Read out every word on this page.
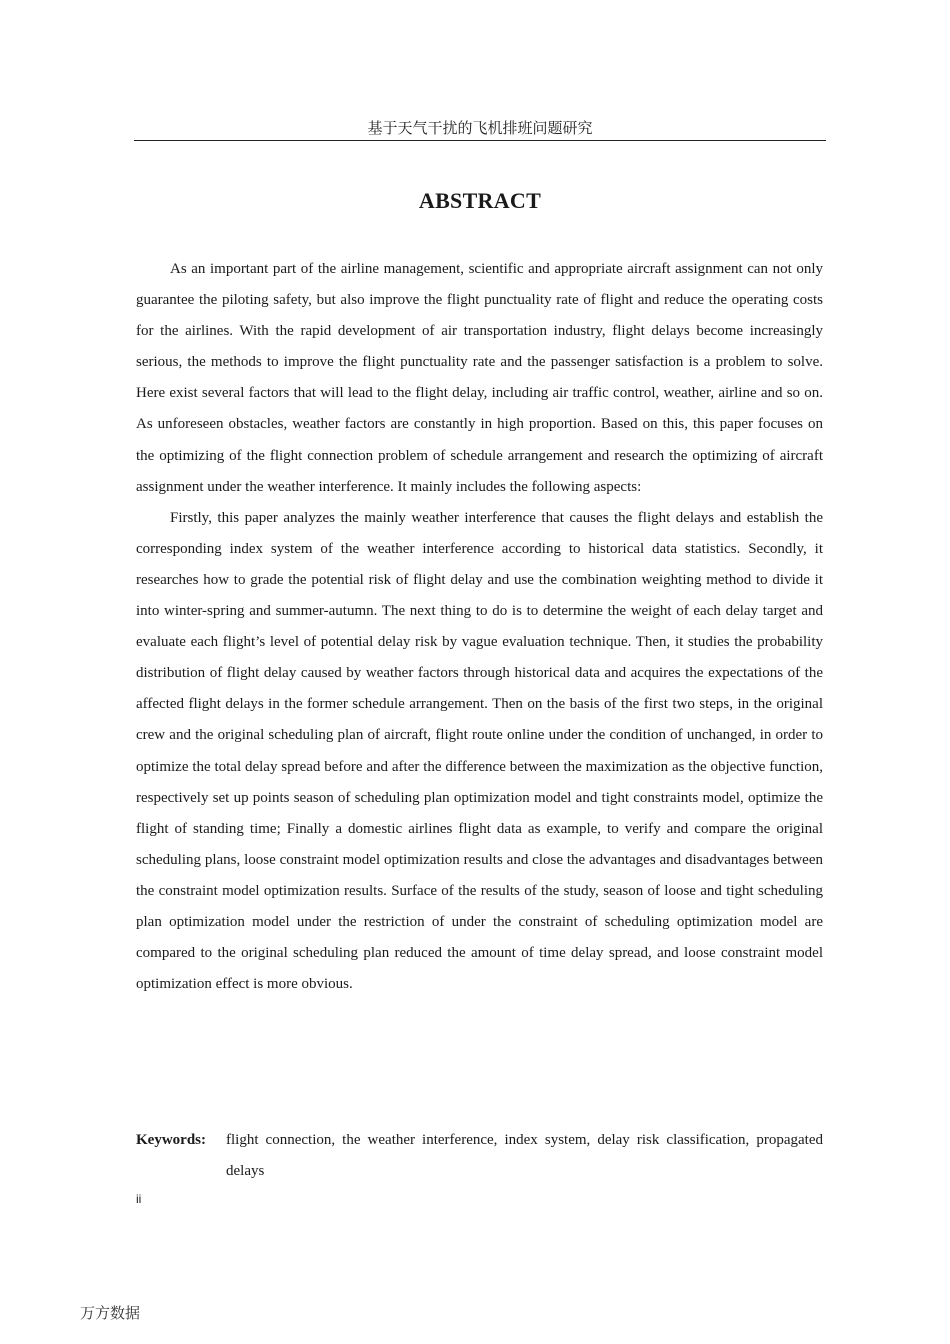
基于天气干扰的飞机排班问题研究
ABSTRACT

As an important part of the airline management, scientific and appropriate aircraft assignment can not only guarantee the piloting safety, but also improve the flight punctuality rate of flight and reduce the operating costs for the airlines. With the rapid development of air transportation industry, flight delays become increasingly serious, the methods to improve the flight punctuality rate and the passenger satisfaction is a problem to solve. Here exist several factors that will lead to the flight delay, including air traffic control, weather, airline and so on. As unforeseen obstacles, weather factors are constantly in high proportion. Based on this, this paper focuses on the optimizing of the flight connection problem of schedule arrangement and research the optimizing of aircraft assignment under the weather interference. It mainly includes the following aspects:

Firstly, this paper analyzes the mainly weather interference that causes the flight delays and establish the corresponding index system of the weather interference according to historical data statistics. Secondly, it researches how to grade the potential risk of flight delay and use the combination weighting method to divide it into winter-spring and summer-autumn. The next thing to do is to determine the weight of each delay target and evaluate each flight’s level of potential delay risk by vague evaluation technique. Then, it studies the probability distribution of flight delay caused by weather factors through historical data and acquires the expectations of the affected flight delays in the former schedule arrangement. Then on the basis of the first two steps, in the original crew and the original scheduling plan of aircraft, flight route online under the condition of unchanged, in order to optimize the total delay spread before and after the difference between the maximization as the objective function, respectively set up points season of scheduling plan optimization model and tight constraints model, optimize the flight of standing time; Finally a domestic airlines flight data as example, to verify and compare the original scheduling plans, loose constraint model optimization results and close the advantages and disadvantages between the constraint model optimization results. Surface of the results of the study, season of loose and tight scheduling plan optimization model under the restriction of under the constraint of scheduling optimization model are compared to the original scheduling plan reduced the amount of time delay spread, and loose constraint model optimization effect is more obvious.

Keywords:	flight connection, the weather interference, index system, delay risk classification, propagated delays
ii
万方数据
